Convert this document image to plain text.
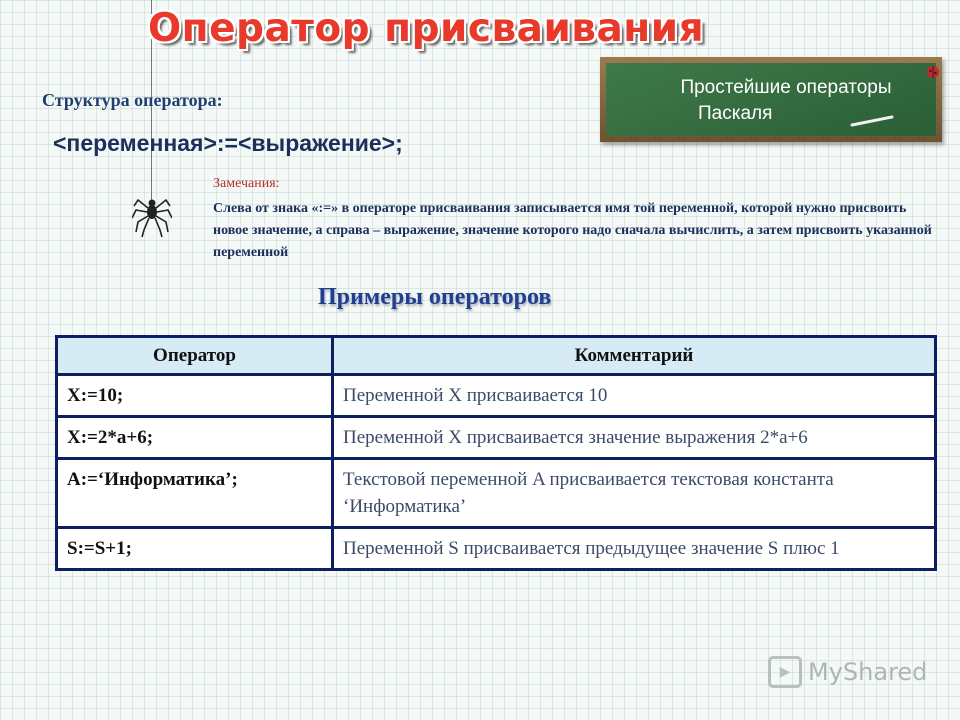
Оператор присваивания
Простейшие операторы
Паскаля

Структура оператора:

<переменная>:=<выражение>;

Замечания:
Слева от знака «:=» в операторе присваивания записывается имя той переменной, которой нужно присвоить новое значение, а справа – выражение, значение которого надо сначала вычислить, а затем присвоить указанной переменной
Примеры операторов
Оператор	Комментарий
X:=10;	Переменной X присваивается 10
X:=2*a+6;	Переменной X присваивается значение выражения 2*a+6
A:=‘Информатика’;	Текстовой переменной A присваивается текстовая константа ‘Информатика’
S:=S+1;	Переменной S присваивается предыдущее значение S плюс 1
▶ MyShared
